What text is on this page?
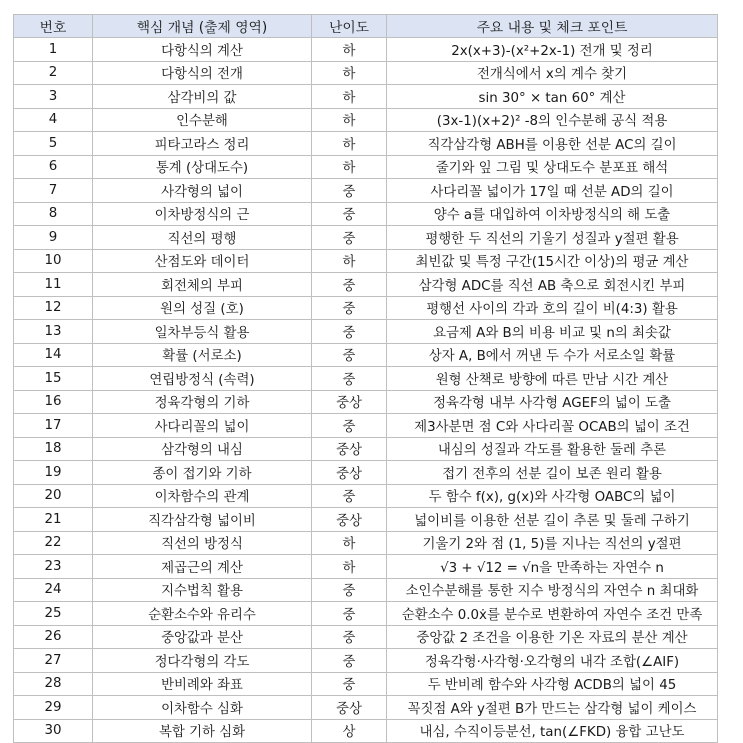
번호	핵심 개념 (출제 영역)	난이도	주요 내용 및 체크 포인트
1	다항식의 계산	하	2x(x+3)-(x²+2x-1) 전개 및 정리
2	다항식의 전개	하	전개식에서 x의 계수 찾기
3	삼각비의 값	하	sin 30° × tan 60° 계산
4	인수분해	하	(3x-1)(x+2)² -8의 인수분해 공식 적용
5	피타고라스 정리	하	직각삼각형 ABH를 이용한 선분 AC의 길이
6	통계 (상대도수)	하	줄기와 잎 그림 및 상대도수 분포표 해석
7	사각형의 넓이	중	사다리꼴 넓이가 17일 때 선분 AD의 길이
8	이차방정식의 근	중	양수 a를 대입하여 이차방정식의 해 도출
9	직선의 평행	중	평행한 두 직선의 기울기 성질과 y절편 활용
10	산점도와 데이터	하	최빈값 및 특정 구간(15시간 이상)의 평균 계산
11	회전체의 부피	중	삼각형 ADC를 직선 AB 축으로 회전시킨 부피
12	원의 성질 (호)	중	평행선 사이의 각과 호의 길이 비(4:3) 활용
13	일차부등식 활용	중	요금제 A와 B의 비용 비교 및 n의 최솟값
14	확률 (서로소)	중	상자 A, B에서 꺼낸 두 수가 서로소일 확률
15	연립방정식 (속력)	중	원형 산책로 방향에 따른 만남 시간 계산
16	정육각형의 기하	중상	정육각형 내부 사각형 AGEF의 넓이 도출
17	사다리꼴의 넓이	중	제3사분면 점 C와 사다리꼴 OCAB의 넓이 조건
18	삼각형의 내심	중상	내심의 성질과 각도를 활용한 둘레 추론
19	종이 접기와 기하	중상	접기 전후의 선분 길이 보존 원리 활용
20	이차함수의 관계	중	두 함수 f(x), g(x)와 사각형 OABC의 넓이
21	직각삼각형 넓이비	중상	넓이비를 이용한 선분 길이 추론 및 둘레 구하기
22	직선의 방정식	하	기울기 2와 점 (1, 5)를 지나는 직선의 y절편
23	제곱근의 계산	하	√3 + √12 = √n을 만족하는 자연수 n
24	지수법칙 활용	중	소인수분해를 통한 지수 방정식의 자연수 n 최대화
25	순환소수와 유리수	중	순환소수 0.0ẋ를 분수로 변환하여 자연수 조건 만족
26	중앙값과 분산	중	중앙값 2 조건을 이용한 기온 자료의 분산 계산
27	정다각형의 각도	중	정육각형·사각형·오각형의 내각 조합(∠AIF)
28	반비례와 좌표	중	두 반비례 함수와 사각형 ACDB의 넓이 45
29	이차함수 심화	중상	꼭짓점 A와 y절편 B가 만드는 삼각형 넓이 케이스
30	복합 기하 심화	상	내심, 수직이등분선, tan(∠FKD) 융합 고난도
